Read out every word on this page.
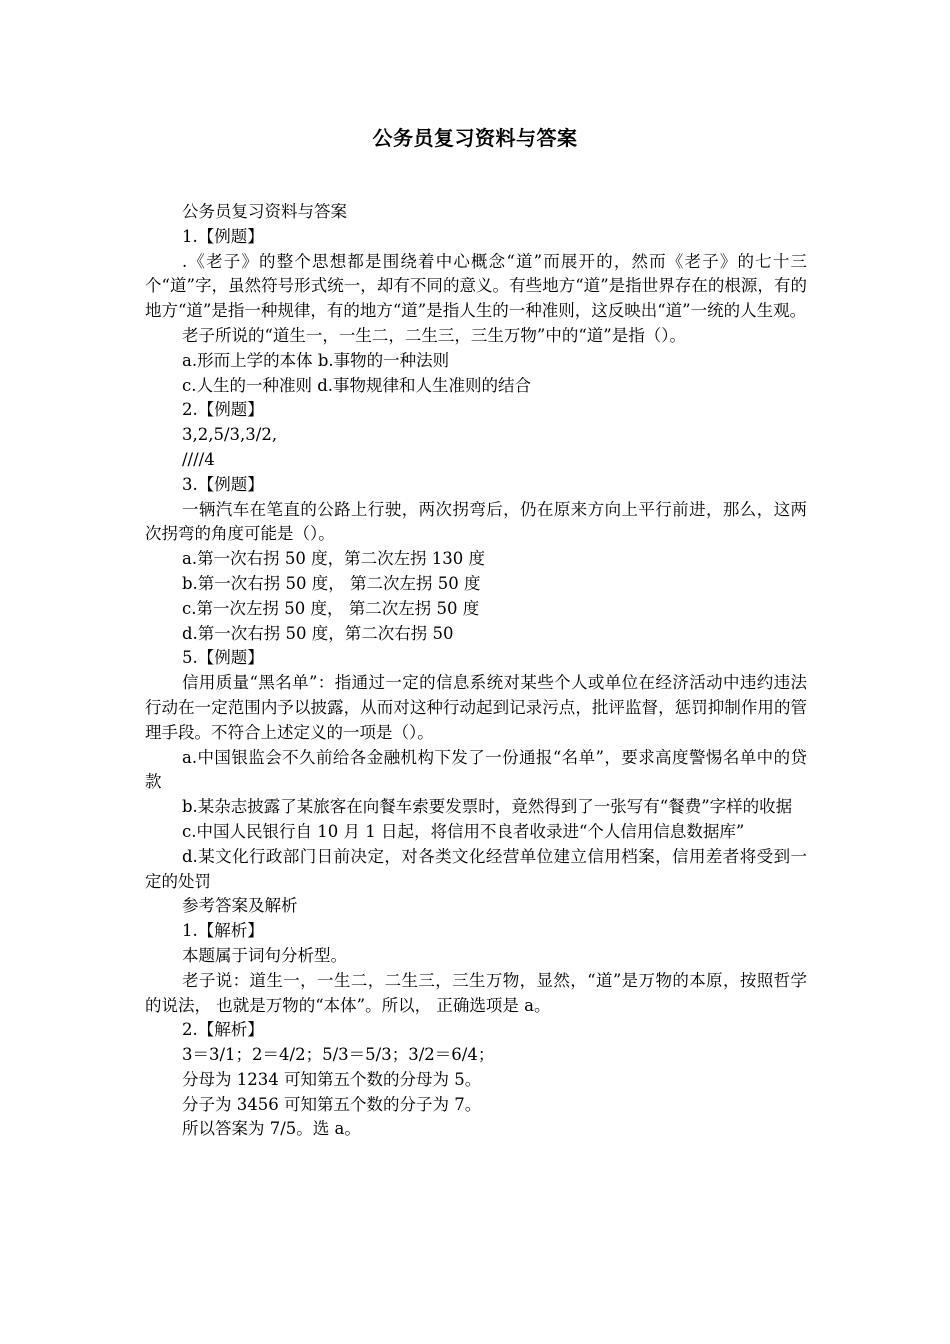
公务员复习资料与答案

公务员复习资料与答案

1.【例题】

.《老子》的整个思想都是围绕着中心概念“道”而展开的，然而《老子》的七十三个“道”字，虽然符号形式统一，却有不同的意义。有些地方“道”是指世界存在的根源，有的地方“道”是指一种规律，有的地方“道”是指人生的一种准则，这反映出“道”一统的人生观。

老子所说的“道生一，一生二，二生三，三生万物”中的“道”是指（）。

a.形而上学的本体 b.事物的一种法则

c.人生的一种准则 d.事物规律和人生准则的结合

2.【例题】

3,2,5/3,3/2,

////4

3.【例题】

一辆汽车在笔直的公路上行驶，两次拐弯后，仍在原来方向上平行前进，那么，这两次拐弯的角度可能是（）。

a.第一次右拐 50 度，第二次左拐 130 度

b.第一次右拐 50 度， 第二次左拐 50 度

c.第一次左拐 50 度， 第二次左拐 50 度

d.第一次右拐 50 度，第二次右拐 50

5.【例题】

信用质量“黑名单”：指通过一定的信息系统对某些个人或单位在经济活动中违约违法行动在一定范围内予以披露，从而对这种行动起到记录污点，批评监督，惩罚抑制作用的管理手段。不符合上述定义的一项是（）。

a.中国银监会不久前给各金融机构下发了一份通报“名单”，要求高度警惕名单中的贷款

b.某杂志披露了某旅客在向餐车索要发票时，竟然得到了一张写有“餐费”字样的收据

c.中国人民银行自 10 月 1 日起，将信用不良者收录进“个人信用信息数据库”

d.某文化行政部门日前决定，对各类文化经营单位建立信用档案，信用差者将受到一定的处罚

参考答案及解析

1.【解析】

本题属于词句分析型。

老子说：道生一，一生二，二生三，三生万物，显然，“道”是万物的本原，按照哲学的说法， 也就是万物的“本体”。所以， 正确选项是 a。

2.【解析】

3＝3/1；2＝4/2；5/3＝5/3；3/2＝6/4；

分母为 1234 可知第五个数的分母为 5。

分子为 3456 可知第五个数的分子为 7。

所以答案为 7/5。选 a。
